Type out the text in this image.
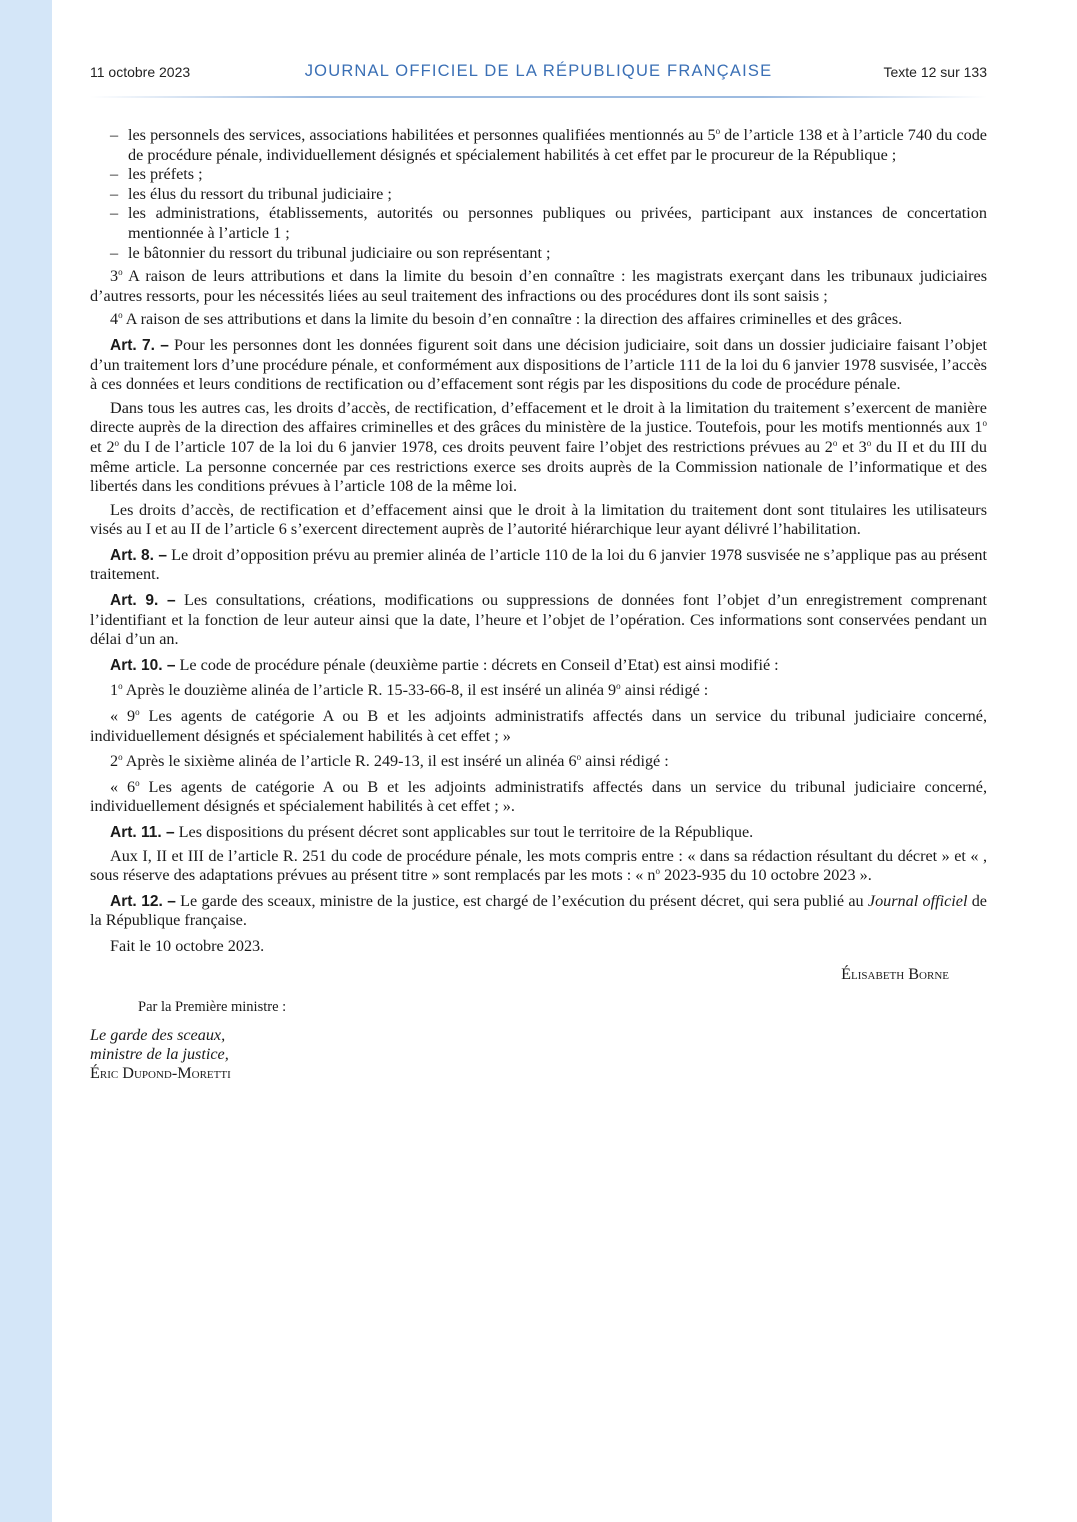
11 octobre 2023	JOURNAL OFFICIEL DE LA RÉPUBLIQUE FRANÇAISE	Texte 12 sur 133

– les personnels des services, associations habilitées et personnes qualifiées mentionnés au 5$^o$ de l’article 138 et à l’article 740 du code de procédure pénale, individuellement désignés et spécialement habilités à cet effet par le procureur de la République ;

– les préfets ;

– les élus du ressort du tribunal judiciaire ;

– les administrations, établissements, autorités ou personnes publiques ou privées, participant aux instances de concertation mentionnée à l’article 1 ;

– le bâtonnier du ressort du tribunal judiciaire ou son représentant ;

3$^o$ A raison de leurs attributions et dans la limite du besoin d’en connaître : les magistrats exerçant dans les tribunaux judiciaires d’autres ressorts, pour les nécessités liées au seul traitement des infractions ou des procédures dont ils sont saisis ;

4$^o$ A raison de ses attributions et dans la limite du besoin d’en connaître : la direction des affaires criminelles et des grâces.

Art. 7. – Pour les personnes dont les données figurent soit dans une décision judiciaire, soit dans un dossier judiciaire faisant l’objet d’un traitement lors d’une procédure pénale, et conformément aux dispositions de l’article 111 de la loi du 6 janvier 1978 susvisée, l’accès à ces données et leurs conditions de rectification ou d’effacement sont régis par les dispositions du code de procédure pénale.

Dans tous les autres cas, les droits d’accès, de rectification, d’effacement et le droit à la limitation du traitement s’exercent de manière directe auprès de la direction des affaires criminelles et des grâces du ministère de la justice. Toutefois, pour les motifs mentionnés aux 1$^o$ et 2$^o$ du I de l’article 107 de la loi du 6 janvier 1978, ces droits peuvent faire l’objet des restrictions prévues au 2$^o$ et 3$^o$ du II et du III du même article. La personne concernée par ces restrictions exerce ses droits auprès de la Commission nationale de l’informatique et des libertés dans les conditions prévues à l’article 108 de la même loi.

Les droits d’accès, de rectification et d’effacement ainsi que le droit à la limitation du traitement dont sont titulaires les utilisateurs visés au I et au II de l’article 6 s’exercent directement auprès de l’autorité hiérarchique leur ayant délivré l’habilitation.

Art. 8. – Le droit d’opposition prévu au premier alinéa de l’article 110 de la loi du 6 janvier 1978 susvisée ne s’applique pas au présent traitement.

Art. 9. – Les consultations, créations, modifications ou suppressions de données font l’objet d’un enregistrement comprenant l’identifiant et la fonction de leur auteur ainsi que la date, l’heure et l’objet de l’opération. Ces informations sont conservées pendant un délai d’un an.

Art. 10. – Le code de procédure pénale (deuxième partie : décrets en Conseil d’Etat) est ainsi modifié :

1$^o$ Après le douzième alinéa de l’article R. 15-33-66-8, il est inséré un alinéa 9$^o$ ainsi rédigé :

« 9$^o$ Les agents de catégorie A ou B et les adjoints administratifs affectés dans un service du tribunal judiciaire concerné, individuellement désignés et spécialement habilités à cet effet ; »

2$^o$ Après le sixième alinéa de l’article R. 249-13, il est inséré un alinéa 6$^o$ ainsi rédigé :

« 6$^o$ Les agents de catégorie A ou B et les adjoints administratifs affectés dans un service du tribunal judiciaire concerné, individuellement désignés et spécialement habilités à cet effet ; ».

Art. 11. – Les dispositions du présent décret sont applicables sur tout le territoire de la République.

Aux I, II et III de l’article R. 251 du code de procédure pénale, les mots compris entre : « dans sa rédaction résultant du décret » et « , sous réserve des adaptations prévues au présent titre » sont remplacés par les mots : « $n^o$ 2023-935 du 10 octobre 2023 ».

Art. 12. – Le garde des sceaux, ministre de la justice, est chargé de l’exécution du présent décret, qui sera publié au Journal officiel de la République française.

Fait le 10 octobre 2023.

Élisabeth Borne

Par la Première ministre :

Le garde des sceaux,

ministre de la justice,

Éric Dupond-Moretti
